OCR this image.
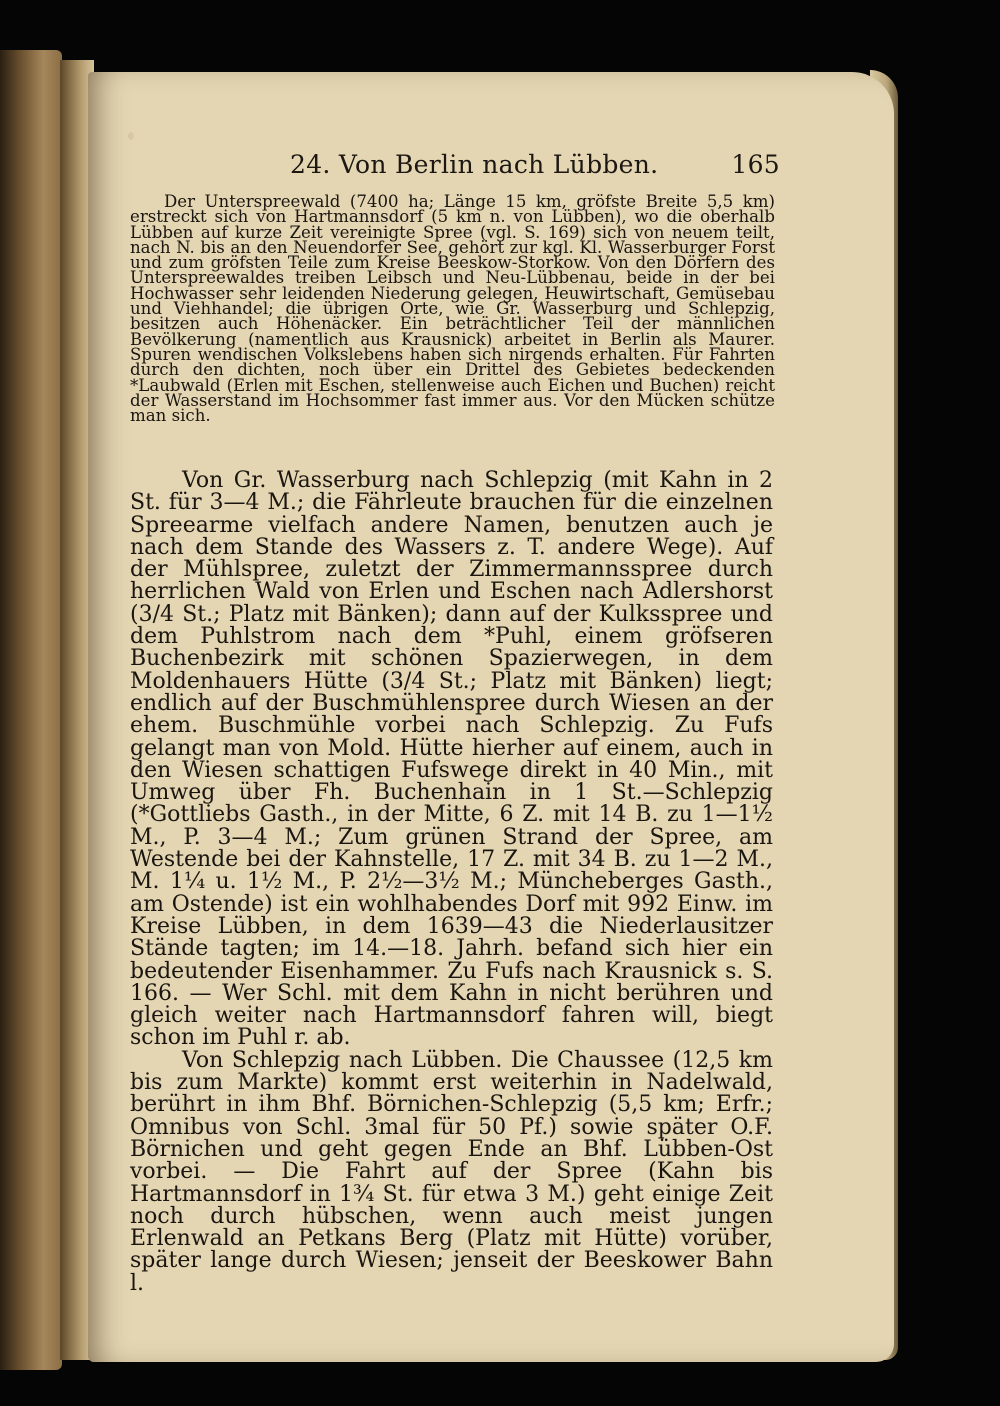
24. Von Berlin nach Lübben.	165

Der Unterspreewald (7400 ha; Länge 15 km, gröfste Breite 5,5 km) erstreckt sich von Hartmannsdorf (5 km n. von Lübben), wo die oberhalb Lübben auf kurze Zeit vereinigte Spree (vgl. S. 169) sich von neuem teilt, nach N. bis an den Neuendorfer See, gehört zur kgl. Kl. Wasserburger Forst und zum gröfsten Teile zum Kreise Beeskow-Storkow. Von den Dörfern des Unterspreewaldes treiben Leibsch und Neu-Lübbenau, beide in der bei Hochwasser sehr leidenden Niederung gelegen, Heuwirtschaft, Gemüsebau und Viehhandel; die übrigen Orte, wie Gr. Wasserburg und Schlepzig, besitzen auch Höhenäcker. Ein beträchtlicher Teil der männlichen Bevölkerung (namentlich aus Krausnick) arbeitet in Berlin als Maurer. Spuren wendischen Volkslebens haben sich nirgends erhalten. Für Fahrten durch den dichten, noch über ein Drittel des Gebietes bedeckenden *Laubwald (Erlen mit Eschen, stellenweise auch Eichen und Buchen) reicht der Wasserstand im Hochsommer fast immer aus. Vor den Mücken schütze man sich.

Von Gr. Wasserburg nach Schlepzig (mit Kahn in 2 St. für 3—4 M.; die Fährleute brauchen für die einzelnen Spreearme vielfach andere Namen, benutzen auch je nach dem Stande des Wassers z. T. andere Wege). Auf der Mühlspree, zuletzt der Zimmermannsspree durch herrlichen Wald von Erlen und Eschen nach Adlershorst (3/4 St.; Platz mit Bänken); dann auf der Kulksspree und dem Puhlstrom nach dem *Puhl, einem gröfseren Buchenbezirk mit schönen Spazierwegen, in dem Moldenhauers Hütte (3/4 St.; Platz mit Bänken) liegt; endlich auf der Buschmühlenspree durch Wiesen an der ehem. Buschmühle vorbei nach Schlepzig. Zu Fufs gelangt man von Mold. Hütte hierher auf einem, auch in den Wiesen schattigen Fufswege direkt in 40 Min., mit Umweg über Fh. Buchenhain in 1 St.—Schlepzig (*Gottliebs Gasth., in der Mitte, 6 Z. mit 14 B. zu 1—1½ M., P. 3—4 M.; Zum grünen Strand der Spree, am Westende bei der Kahnstelle, 17 Z. mit 34 B. zu 1—2 M., M. 1¼ u. 1½ M., P. 2½—3½ M.; Müncheberges Gasth., am Ostende) ist ein wohlhabendes Dorf mit 992 Einw. im Kreise Lübben, in dem 1639—43 die Niederlausitzer Stände tagten; im 14.—18. Jahrh. befand sich hier ein bedeutender Eisenhammer. Zu Fufs nach Krausnick s. S. 166. — Wer Schl. mit dem Kahn in nicht berühren und gleich weiter nach Hartmannsdorf fahren will, biegt schon im Puhl r. ab.

Von Schlepzig nach Lübben. Die Chaussee (12,5 km bis zum Markte) kommt erst weiterhin in Nadelwald, berührt in ihm Bhf. Börnichen-Schlepzig (5,5 km; Erfr.; Omnibus von Schl. 3mal für 50 Pf.) sowie später O.F. Börnichen und geht gegen Ende an Bhf. Lübben-Ost vorbei. — Die Fahrt auf der Spree (Kahn bis Hartmannsdorf in 1¾ St. für etwa 3 M.) geht einige Zeit noch durch hübschen, wenn auch meist jungen Erlenwald an Petkans Berg (Platz mit Hütte) vorüber, später lange durch Wiesen; jenseit der Beeskower Bahn l.
